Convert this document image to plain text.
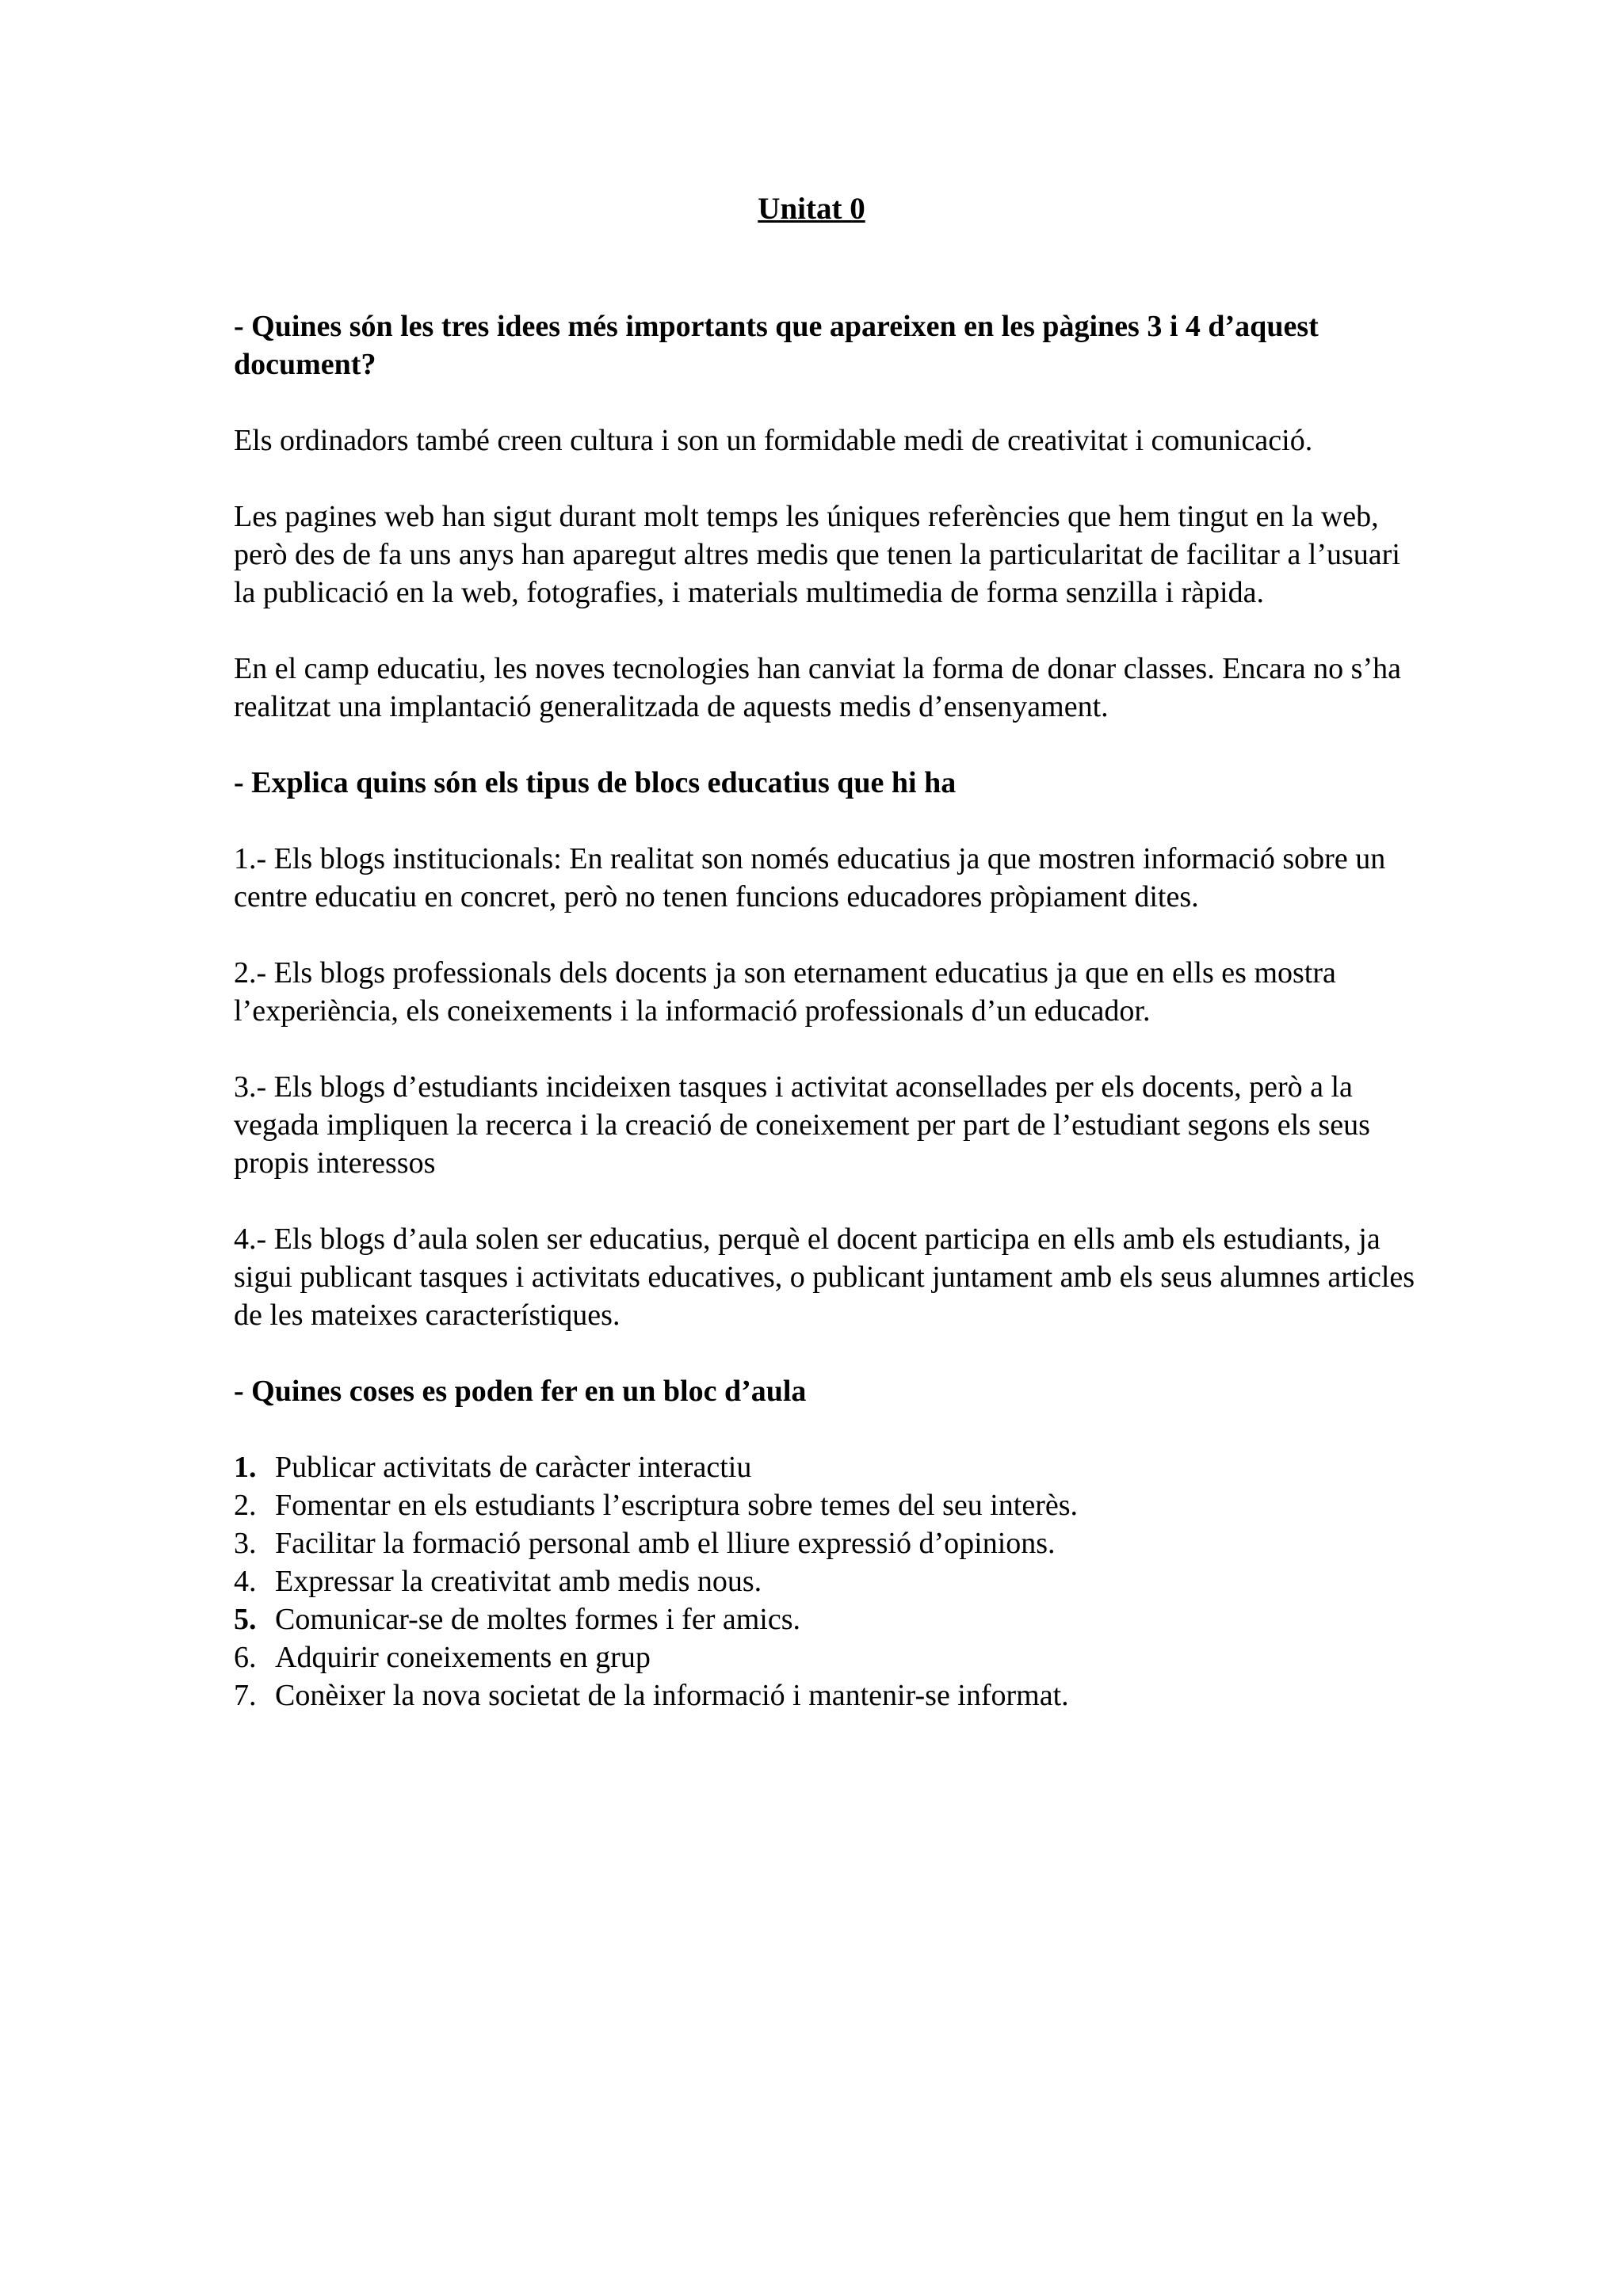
Unitat 0

- Quines són les tres idees més importants que apareixen en les pàgines 3 i 4 d’aquest document?

Els ordinadors també creen cultura i son un formidable medi de creativitat i comunicació.

Les pagines web han sigut durant molt temps les úniques referències que hem tingut en la web, però des de fa uns anys han aparegut altres medis que tenen la particularitat de facilitar a l’usuari la publicació en la web, fotografies, i materials multimedia de forma senzilla i ràpida.

En el camp educatiu, les noves tecnologies han canviat la forma de donar classes. Encara no s’ha realitzat una implantació generalitzada de aquests medis d’ensenyament.

- Explica quins són els tipus de blocs educatius que hi ha

1.- Els blogs institucionals: En realitat son només educatius ja que mostren informació sobre un centre educatiu en concret, però no tenen funcions educadores pròpiament dites.

2.- Els blogs professionals dels docents ja son eternament educatius ja que en ells es mostra l’experiència, els coneixements i la informació professionals d’un educador.

3.- Els blogs d’estudiants incideixen tasques i activitat aconsellades per els docents, però a la vegada impliquen la recerca i la creació de coneixement per part de l’estudiant segons els seus propis interessos

4.- Els blogs d’aula solen ser educatius, perquè el docent participa en ells amb els estudiants, ja sigui publicant tasques i activitats educatives, o publicant juntament amb els seus alumnes articles de les mateixes característiques.

- Quines coses es poden fer en un bloc d’aula

1. Publicar activitats de caràcter interactiu
2. Fomentar en els estudiants l’escriptura sobre temes del seu interès.
3. Facilitar la formació personal amb el lliure expressió d’opinions.
4. Expressar la creativitat amb medis nous.
5. Comunicar-se de moltes formes i fer amics.
6. Adquirir coneixements en grup
7. Conèixer la nova societat de la informació i mantenir-se informat.
